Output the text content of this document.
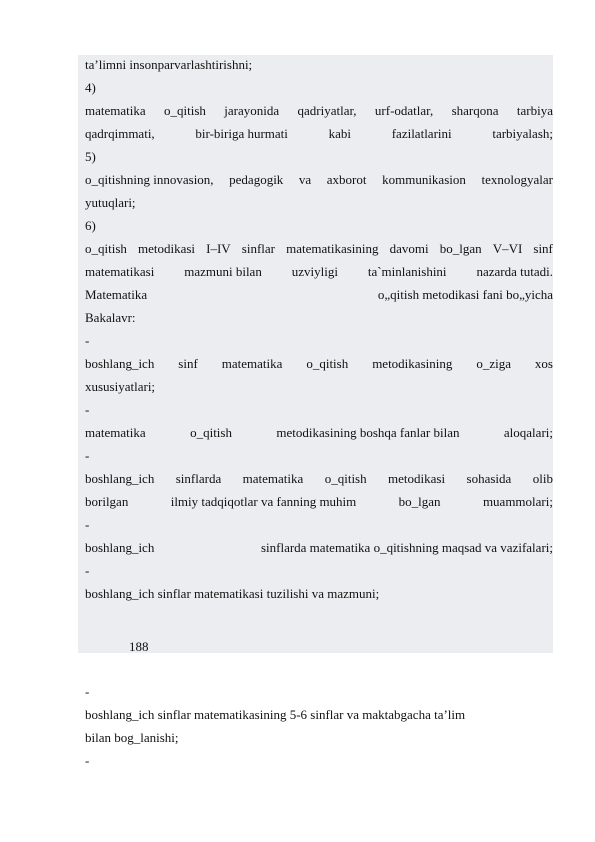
ta’limni insonparvarlashtirishni;
4)
matematika o_qitish jarayonida qadriyatlar, urf-odatlar, sharqona tarbiya
qadrqimmati,	bir-biriga hurmati	kabi	fazilatlarini	tarbiyalash;
5)
o_qitishning innovasion, pedagogik va axborot kommunikasion texnologyalar
yutuqlari;
6)
o_qitish metodikasi I–IV sinflar matematikasining davomi bo_lgan V–VI sinf
matematikasi mazmuni bilan uzviyligi ta`minlanishini nazarda tutadi.
Matematika	o„qitish metodikasi fani bo„yicha
Bakalavr:
-
boshlang_ich sinf matematika o_qitish metodikasining o_ziga xos
xususiyatlari;
-
matematika	o_qitish	metodikasining boshqa fanlar bilan	aloqalari;
-
boshlang_ich sinflarda matematika o_qitish metodikasi sohasida olib
borilgan	ilmiy tadqiqotlar va fanning muhim	bo_lgan	muammolari;
-
boshlang_ich	sinflarda matematika o_qitishning maqsad va vazifalari;
-
boshlang_ich sinflar matematikasi tuzilishi va mazmuni;
-
boshlang_ich sinflar matematikasining 5-6 sinflar va maktabgacha ta’lim
bilan bog_lanishi;
-
188
